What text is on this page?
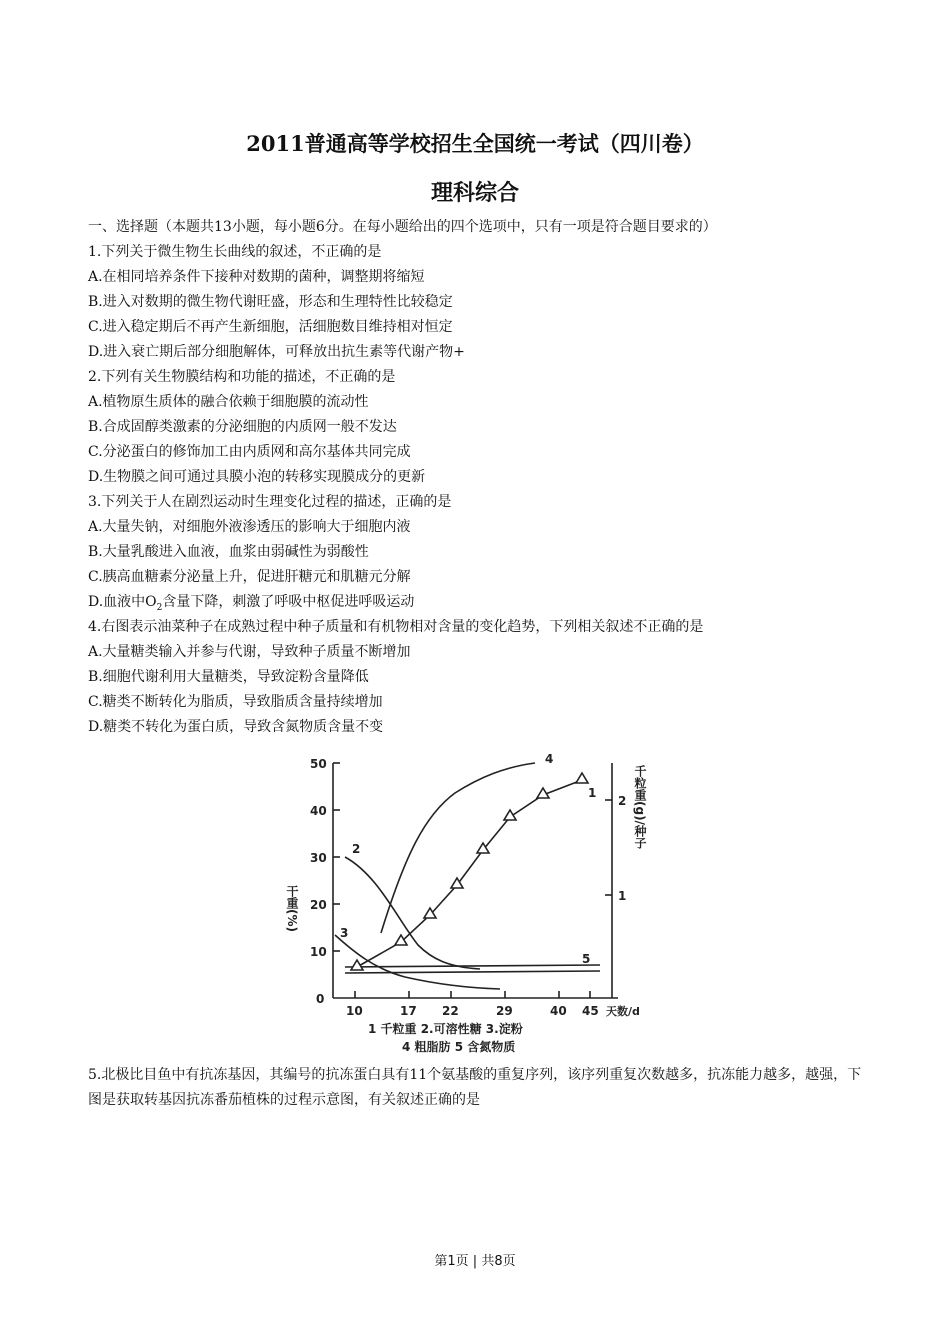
2011普通高等学校招生全国统一考试（四川卷）
理科综合
一、选择题（本题共13小题，每小题6分。在每小题给出的四个选项中，只有一项是符合题目要求的）
1.下列关于微生物生长曲线的叙述，不正确的是
A.在相同培养条件下接种对数期的菌种，调整期将缩短
B.进入对数期的微生物代谢旺盛，形态和生理特性比较稳定
C.进入稳定期后不再产生新细胞，活细胞数目维持相对恒定
D.进入衰亡期后部分细胞解体，可释放出抗生素等代谢产物+
2.下列有关生物膜结构和功能的描述，不正确的是
A.植物原生质体的融合依赖于细胞膜的流动性
B.合成固醇类激素的分泌细胞的内质网一般不发达
C.分泌蛋白的修饰加工由内质网和高尔基体共同完成
D.生物膜之间可通过具膜小泡的转移实现膜成分的更新
3.下列关于人在剧烈运动时生理变化过程的描述，正确的是
A.大量失钠，对细胞外液渗透压的影响大于细胞内液
B.大量乳酸进入血液，血浆由弱碱性为弱酸性
C.胰高血糖素分泌量上升，促进肝糖元和肌糖元分解
D.血液中$O_2$含量下降，刺激了呼吸中枢促进呼吸运动
4.右图表示油菜种子在成熟过程中种子质量和有机物相对含量的变化趋势，下列相关叙述不正确的是
A.大量糖类输入并参与代谢，导致种子质量不断增加
B.细胞代谢利用大量糖类，导致淀粉含量降低
C.糖类不断转化为脂质，导致脂质含量持续增加
D.糖类不转化为蛋白质，导致含氮物质含量不变
50
40
30
20
10
0
2
1
10	17 22	29	40 45 天数/d
1
2
3
4
5
干重(%)
千粒重(g)/种子
1 千粒重 2.可溶性糖 3.淀粉
4 粗脂肪 5 含氮物质
5.北极比目鱼中有抗冻基因，其编号的抗冻蛋白具有11个氨基酸的重复序列，该序列重复次数越多，抗冻能力越多，越强，下图是获取转基因抗冻番茄植株的过程示意图，有关叙述正确的是
第1页 | 共8页
